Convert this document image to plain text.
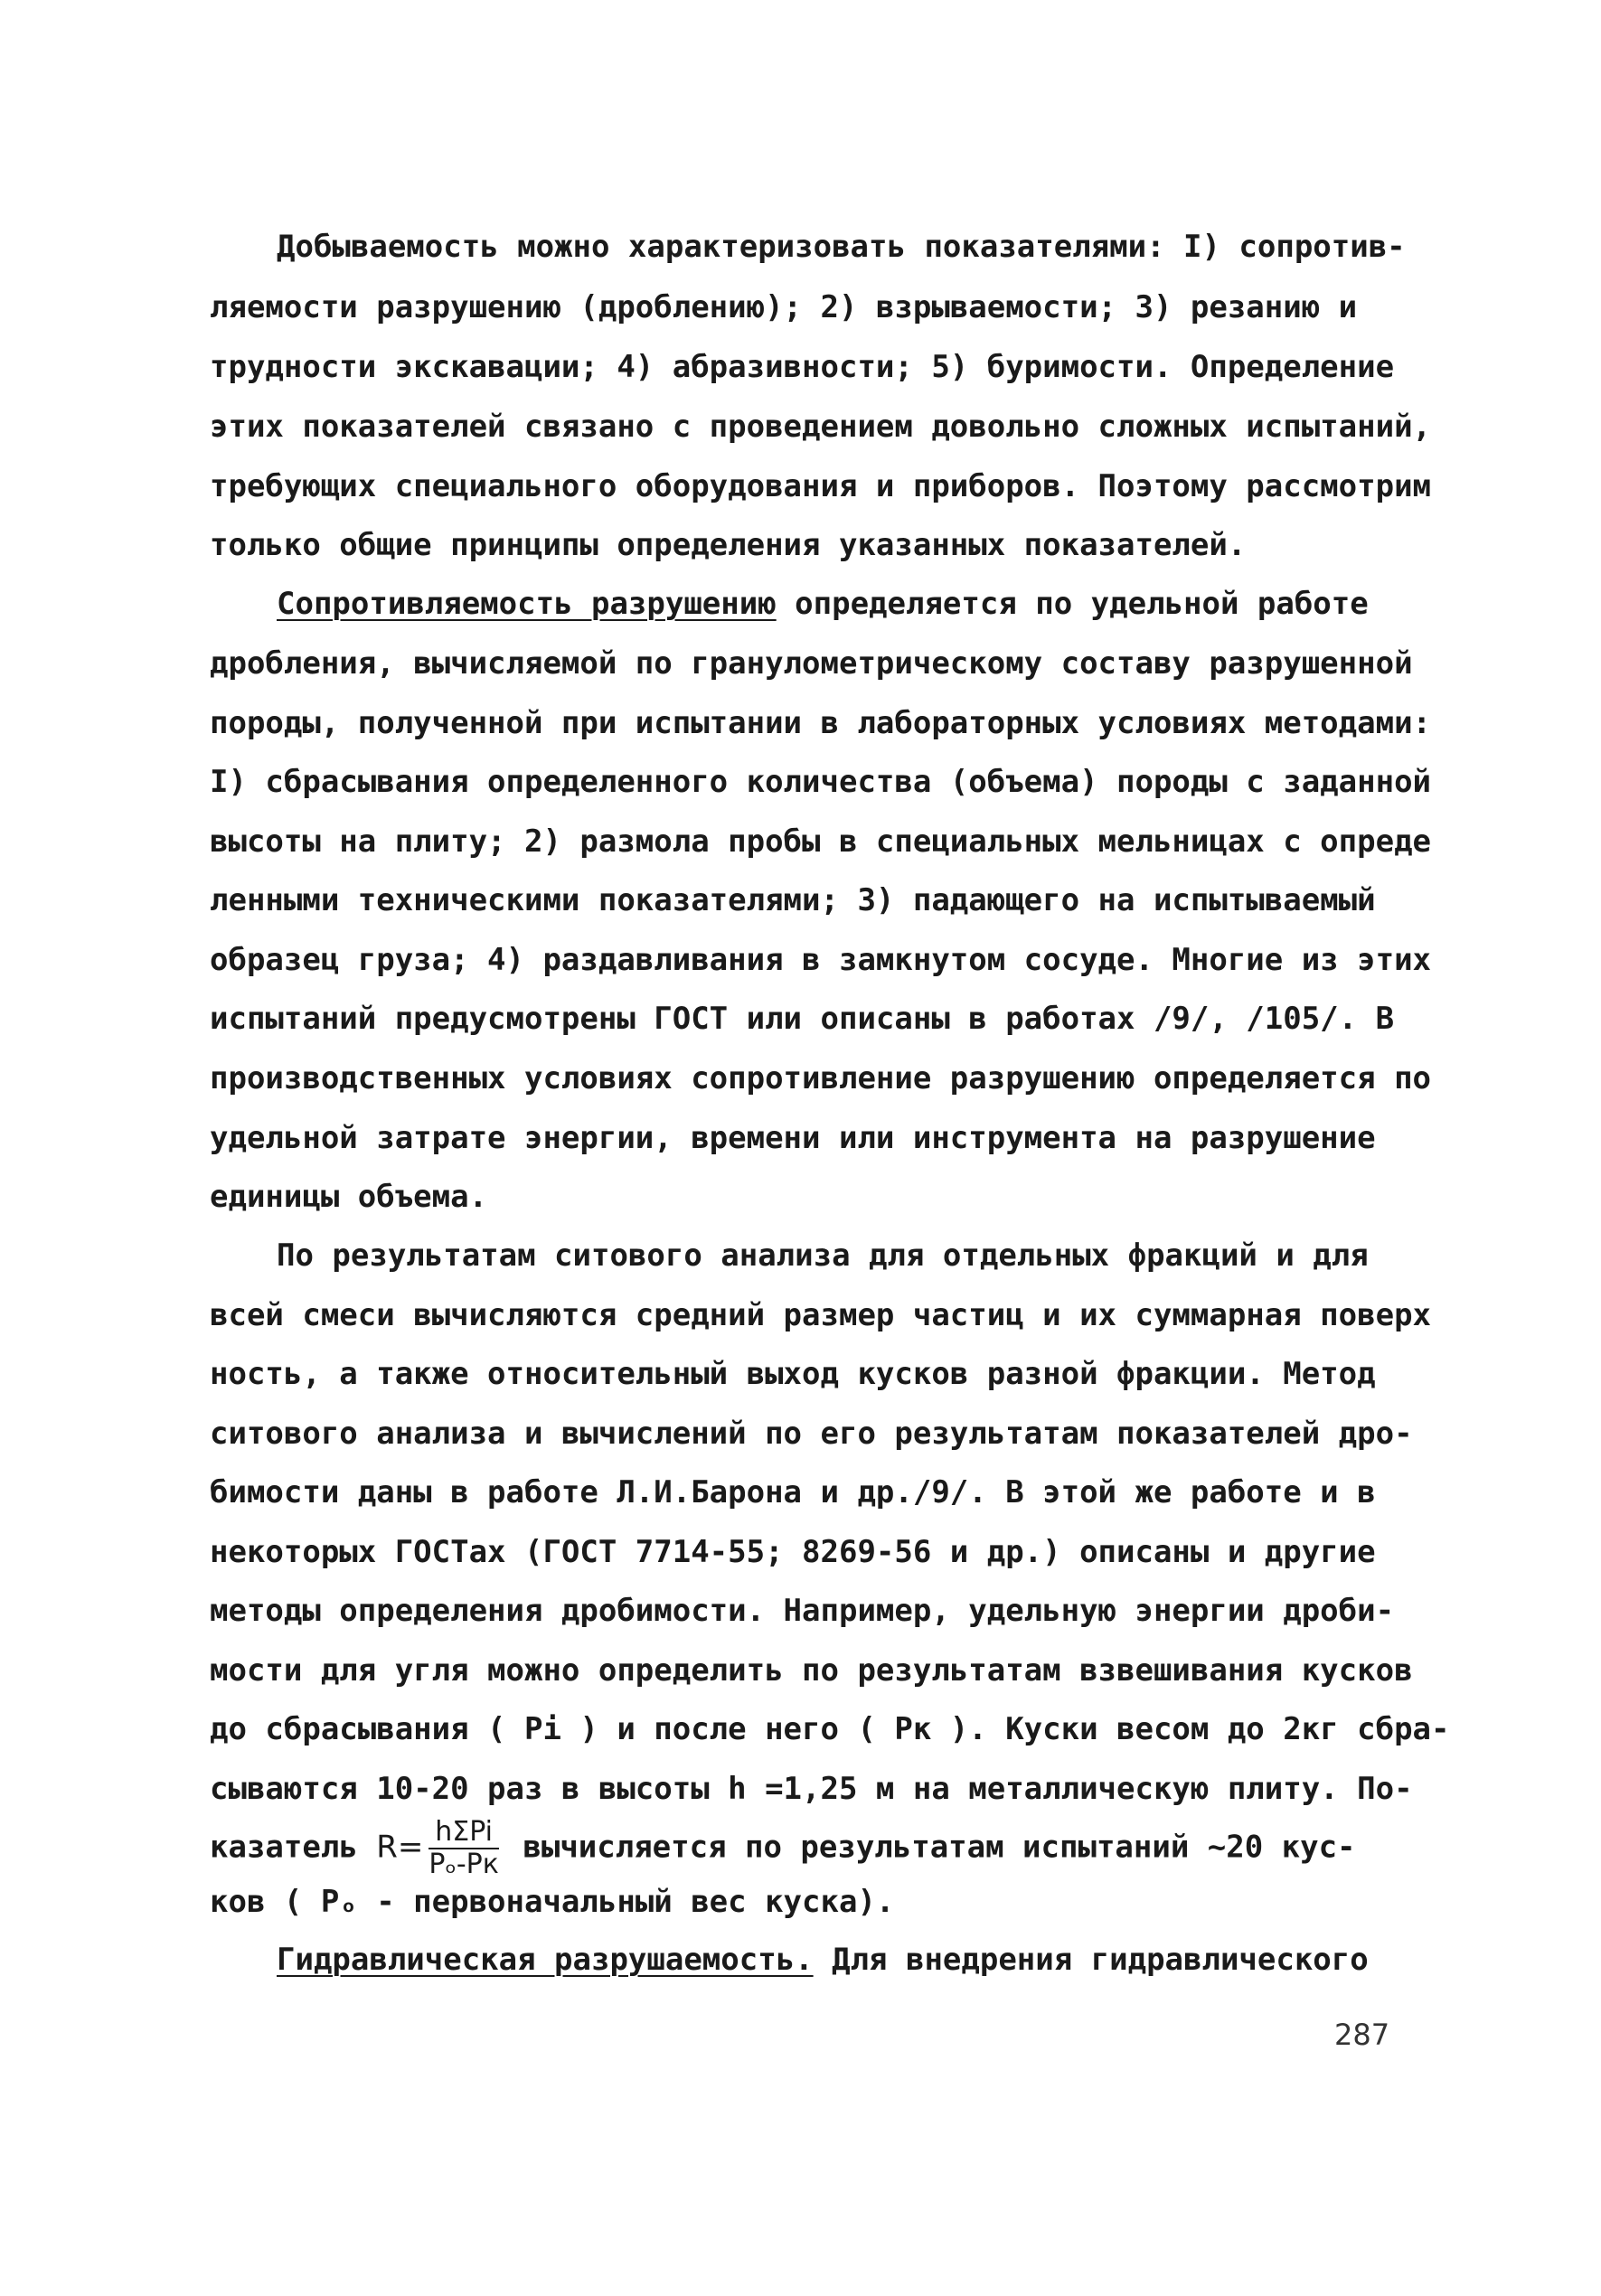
Добываемость можно характеризовать показателями: I) сопротив-
ляемости разрушению (дроблению); 2) взрываемости; 3) резанию и
трудности экскавации; 4) абразивности; 5) буримости. Определение
этих показателей связано с проведением довольно сложных испытаний,
требующих специального оборудования и приборов. Поэтому рассмотрим
только общие принципы определения указанных показателей.
Сопротивляемость разрушению определяется по удельной работе
дробления, вычисляемой по гранулометрическому составу разрушенной
породы, полученной при испытании в лабораторных условиях методами:
I) сбрасывания определенного количества (объема) породы с заданной
высоты на плиту; 2) размола пробы в специальных мельницах с опреде
ленными техническими показателями; 3) падающего на испытываемый
образец груза; 4) раздавливания в замкнутом сосуде. Многие из этих
испытаний предусмотрены ГОСТ или описаны в работах /9/, /105/. В
производственных условиях сопротивление разрушению определяется по
удельной затрате энергии, времени или инструмента на разрушение
единицы объема.
По результатам ситового анализа для отдельных фракций и для
всей смеси вычисляются средний размер частиц и их суммарная поверх
ность, а также относительный выход кусков разной фракции. Метод
ситового анализа и вычислений по его результатам показателей дро-
бимости даны в работе Л.И.Барона и др./9/. В этой же работе и в
некоторых ГОСТах (ГОСТ 7714-55; 8269-56 и др.) описаны и другие
методы определения дробимости. Например, удельную энергии дроби-
мости для угля можно определить по результатам взвешивания кусков
до сбрасывания ( Pi ) и после него ( Pк ). Куски весом до 2кг сбра-
сываются 10-20 раз в высоты h =1,25 м на металлическую плиту. По-
казатель $R= \frac{\text{hΣPi}}{\text{Pₒ-Pк}}$ вычисляется по результатам испытаний ~20 кус-
ков ( Pₒ - первоначальный вес куска).
Гидравлическая разрушаемость. Для внедрения гидравлического
287
